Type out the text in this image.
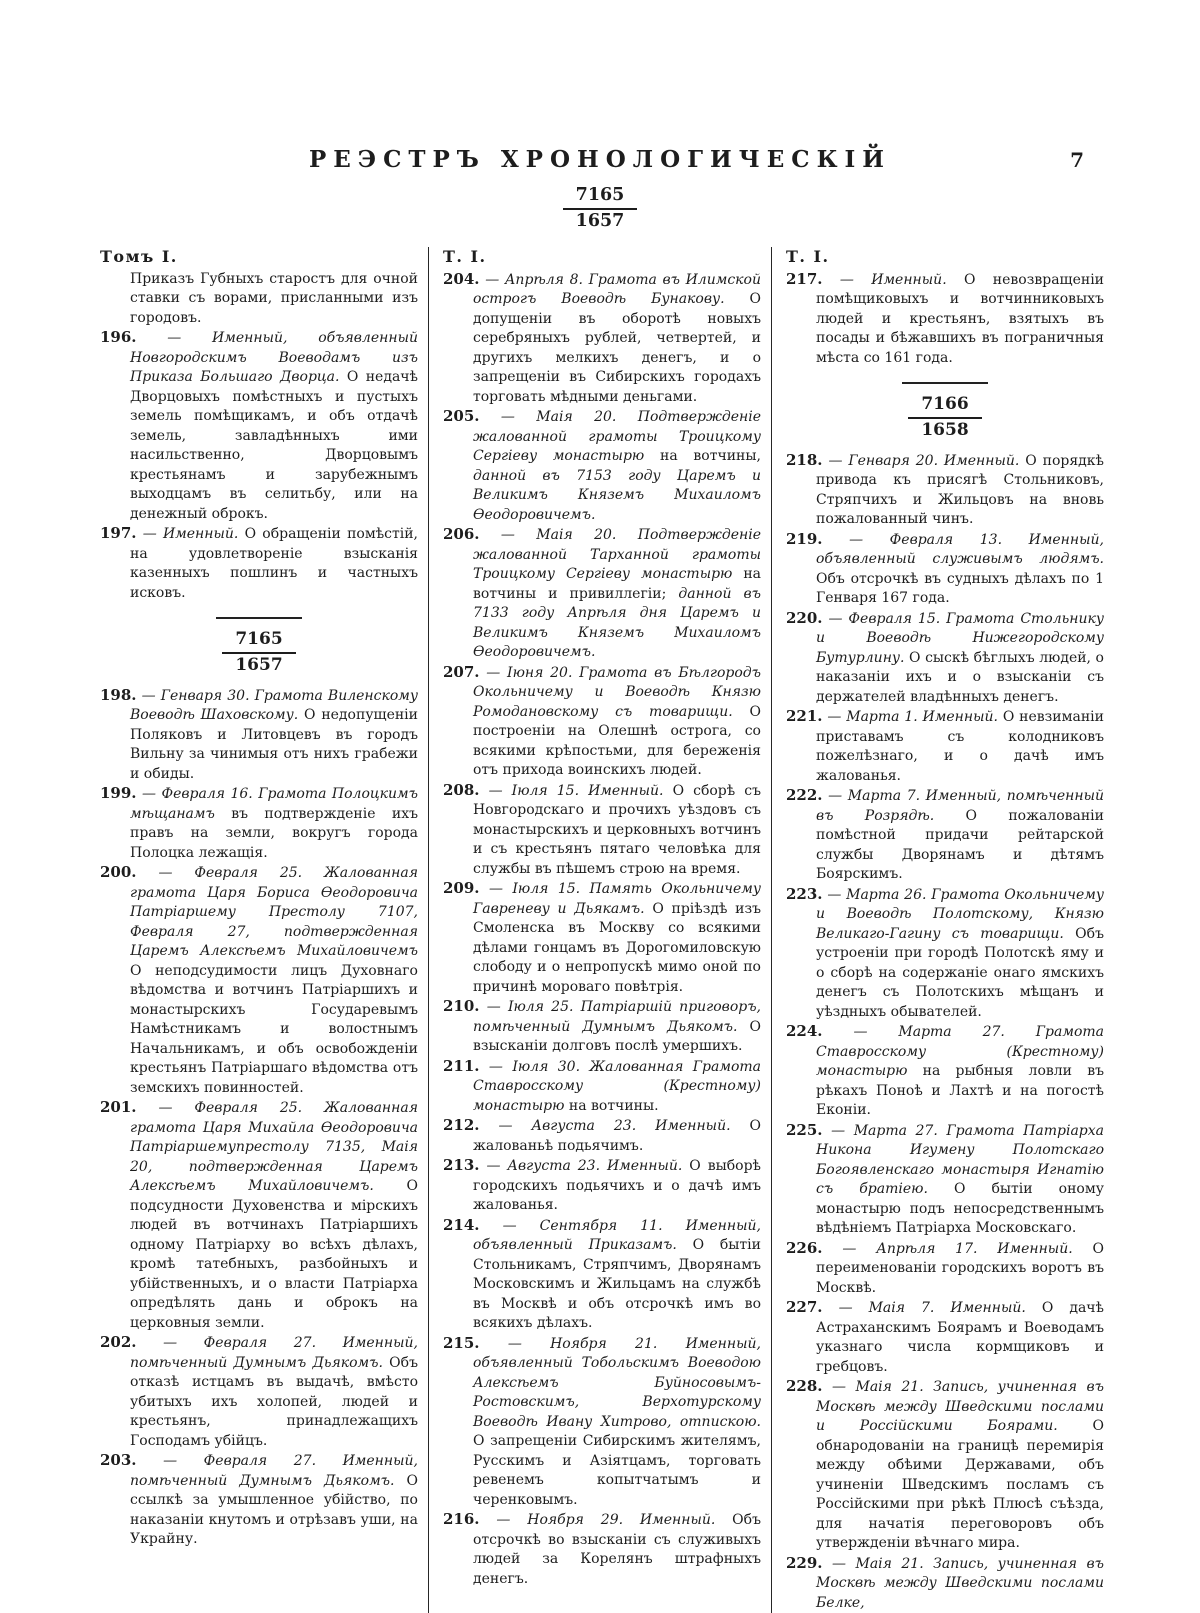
РЕЭСТРЪ ХРОНОЛОГИЧЕСКІЙ	7
7165
1657
Томъ I.

Приказъ Губныхъ старостъ для очной ставки съ ворами, присланными изъ городовъ.

196. — Именный, объявленный Новгородскимъ Воеводамъ изъ Приказа Большаго Дворца. О недачѣ Дворцовыхъ помѣстныхъ и пустыхъ земель помѣщикамъ, и объ отдачѣ земель, завладѣнныхъ ими насильственно, Дворцовымъ крестьянамъ и зарубежнымъ выходцамъ въ селитьбу, или на денежный оброкъ.

197. — Именный. О обращеніи помѣстій, на удовлетвореніе взысканія казенныхъ пошлинъ и частныхъ исковъ.

7165
1657

198. — Генваря 30. Грамота Виленскому Воеводѣ Шаховскому. О недопущеніи Поляковъ и Литовцевъ въ городъ Вильну за чинимыя отъ нихъ грабежи и обиды.

199. — Февраля 16. Грамота Полоцкимъ мѣщанамъ въ подтвержденіе ихъ правъ на земли, вокругъ города Полоцка лежащія.

200. — Февраля 25. Жалованная грамота Царя Бориса Ѳеодоровича Патріаршему Престолу 7107, Февраля 27, подтвержденная Царемъ Алексѣемъ Михайловичемъ О неподсудимости лицъ Духовнаго вѣдомства и вотчинъ Патріаршихъ и монастырскихъ Государевымъ Намѣстникамъ и волостнымъ Начальникамъ, и объ освобожденіи крестьянъ Патріаршаго вѣдомства отъ земскихъ повинностей.

201. — Февраля 25. Жалованная грамота Царя Михайла Ѳеодоровича Патріаршемупрестолу 7135, Маія 20, подтвержденная Царемъ Алексѣемъ Михайловичемъ. О подсудности Духовенства и мірскихъ людей въ вотчинахъ Патріаршихъ одному Патріарху во всѣхъ дѣлахъ, кромѣ татебныхъ, разбойныхъ и убійственныхъ, и о власти Патріарха опредѣлять дань и оброкъ на церковныя земли.

202. — Февраля 27. Именный, помѣченный Думнымъ Дьякомъ. Объ отказѣ истцамъ въ выдачѣ, вмѣсто убитыхъ ихъ холопей, людей и крестьянъ, принадлежащихъ Господамъ убійцъ.

203. — Февраля 27. Именный, помѣченный Думнымъ Дьякомъ. О ссылкѣ за умышленное убійство, по наказаніи кнутомъ и отрѣзавъ уши, на Украйну.

Т. I.

204. — Апрѣля 8. Грамота въ Илимской острогъ Воеводѣ Бунакову. О допущеніи въ оборотѣ новыхъ серебряныхъ рублей, четвертей, и другихъ мелкихъ денегъ, и о запрещеніи въ Сибирскихъ городахъ торговать мѣдными деньгами.

205. — Маія 20. Подтвержденіе жалованной грамоты Троицкому Сергіеву монастырю на вотчины, данной въ 7153 году Царемъ и Великимъ Княземъ Михаиломъ Ѳеодоровичемъ.

206. — Маія 20. Подтвержденіе жалованной Тарханной грамоты Троицкому Сергіеву монастырю на вотчины и привиллегіи; данной въ 7133 году Апрѣля дня Царемъ и Великимъ Княземъ Михаиломъ Ѳеодоровичемъ.

207. — Іюня 20. Грамота въ Бѣлгородъ Окольничему и Воеводѣ Князю Ромодановскому съ товарищи. О построеніи на Олешнѣ острога, со всякими крѣпостьми, для береженія отъ прихода воинскихъ людей.

208. — Іюля 15. Именный. О сборѣ съ Новгородскаго и прочихъ уѣздовъ съ монастырскихъ и церковныхъ вотчинъ и съ крестьянъ пятаго человѣка для службы въ пѣшемъ строю на время.

209. — Іюля 15. Память Окольничему Гавреневу и Дьякамъ. О пріѣздѣ изъ Смоленска въ Москву со всякими дѣлами гонцамъ въ Дорогомиловскую слободу и о непропускѣ мимо оной по причинѣ мороваго повѣтрія.

210. — Іюля 25. Патріаршій приговоръ, помѣченный Думнымъ Дьякомъ. О взысканіи долговъ послѣ умершихъ.

211. — Іюля 30. Жалованная Грамота Ставросскому (Крестному) монастырю на вотчины.

212. — Августа 23. Именный. О жалованьѣ подьячимъ.

213. — Августа 23. Именный. О выборѣ городскихъ подьячихъ и о дачѣ имъ жалованья.

214. — Сентября 11. Именный, объявленный Приказамъ. О бытіи Стольникамъ, Стряпчимъ, Дворянамъ Московскимъ и Жильцамъ на службѣ въ Москвѣ и объ отсрочкѣ имъ во всякихъ дѣлахъ.

215. — Ноября 21. Именный, объявленный Тобольскимъ Воеводою Алексѣемъ Буйносовымъ-Ростовскимъ, Верхотурскому Воеводѣ Ивану Хитрово, отпискою. О запрещеніи Сибирскимъ жителямъ, Русскимъ и Азіятцамъ, торговать ревенемъ копытчатымъ и черенковымъ.

216. — Ноября 29. Именный. Объ отсрочкѣ во взысканіи съ служивыхъ людей за Корелянъ штрафныхъ денегъ.

Т. I.

217. — Именный. О невозвращеніи помѣщиковыхъ и вотчинниковыхъ людей и крестьянъ, взятыхъ въ посады и бѣжавшихъ въ пограничныя мѣста со 161 года.

7166
1658

218. — Генваря 20. Именный. О порядкѣ привода къ присягѣ Стольниковъ, Стряпчихъ и Жильцовъ на вновь пожалованный чинъ.

219. — Февраля 13. Именный, объявленный служивымъ людямъ. Объ отсрочкѣ въ судныхъ дѣлахъ по 1 Генваря 167 года.

220. — Февраля 15. Грамота Стольнику и Воеводѣ Нижегородскому Бутурлину. О сыскѣ бѣглыхъ людей, о наказаніи ихъ и о взысканіи съ держателей владѣнныхъ денегъ.

221. — Марта 1. Именный. О невзиманіи приставамъ съ колодниковъ пожелѣзнаго, и о дачѣ имъ жалованья.

222. — Марта 7. Именный, помѣченный въ Розрядѣ. О пожалованіи помѣстной придачи рейтарской службы Дворянамъ и дѣтямъ Боярскимъ.

223. — Марта 26. Грамота Окольничему и Воеводѣ Полотскому, Князю Великаго-Гагину съ товарищи. Объ устроеніи при городѣ Полотскѣ яму и о сборѣ на содержаніе онаго ямскихъ денегъ съ Полотскихъ мѣщанъ и уѣздныхъ обывателей.

224. — Марта 27. Грамота Ставросскому (Крестному) монастырю на рыбныя ловли въ рѣкахъ Поноѣ и Лахтѣ и на погостѣ Еконіи.

225. — Марта 27. Грамота Патріарха Никона Игумену Полотскаго Богоявленскаго монастыря Игнатію съ братіею. О бытіи оному монастырю подъ непосредственнымъ вѣдѣніемъ Патріарха Московскаго.

226. — Апрѣля 17. Именный. О переименованіи городскихъ воротъ въ Москвѣ.

227. — Маія 7. Именный. О дачѣ Астраханскимъ Боярамъ и Воеводамъ указнаго числа кормщиковъ и гребцовъ.

228. — Маія 21. Запись, учиненная въ Москвѣ между Шведскими послами и Россійскими Боярами. О обнародованіи на границѣ перемирія между обѣими Державами, объ учиненіи Шведскимъ посламъ съ Россійскими при рѣкѣ Плюсѣ съѣзда, для начатія переговоровъ объ утвержденіи вѣчнаго мира.

229. — Маія 21. Запись, учиненная въ Москвѣ между Шведскими послами Белке,
